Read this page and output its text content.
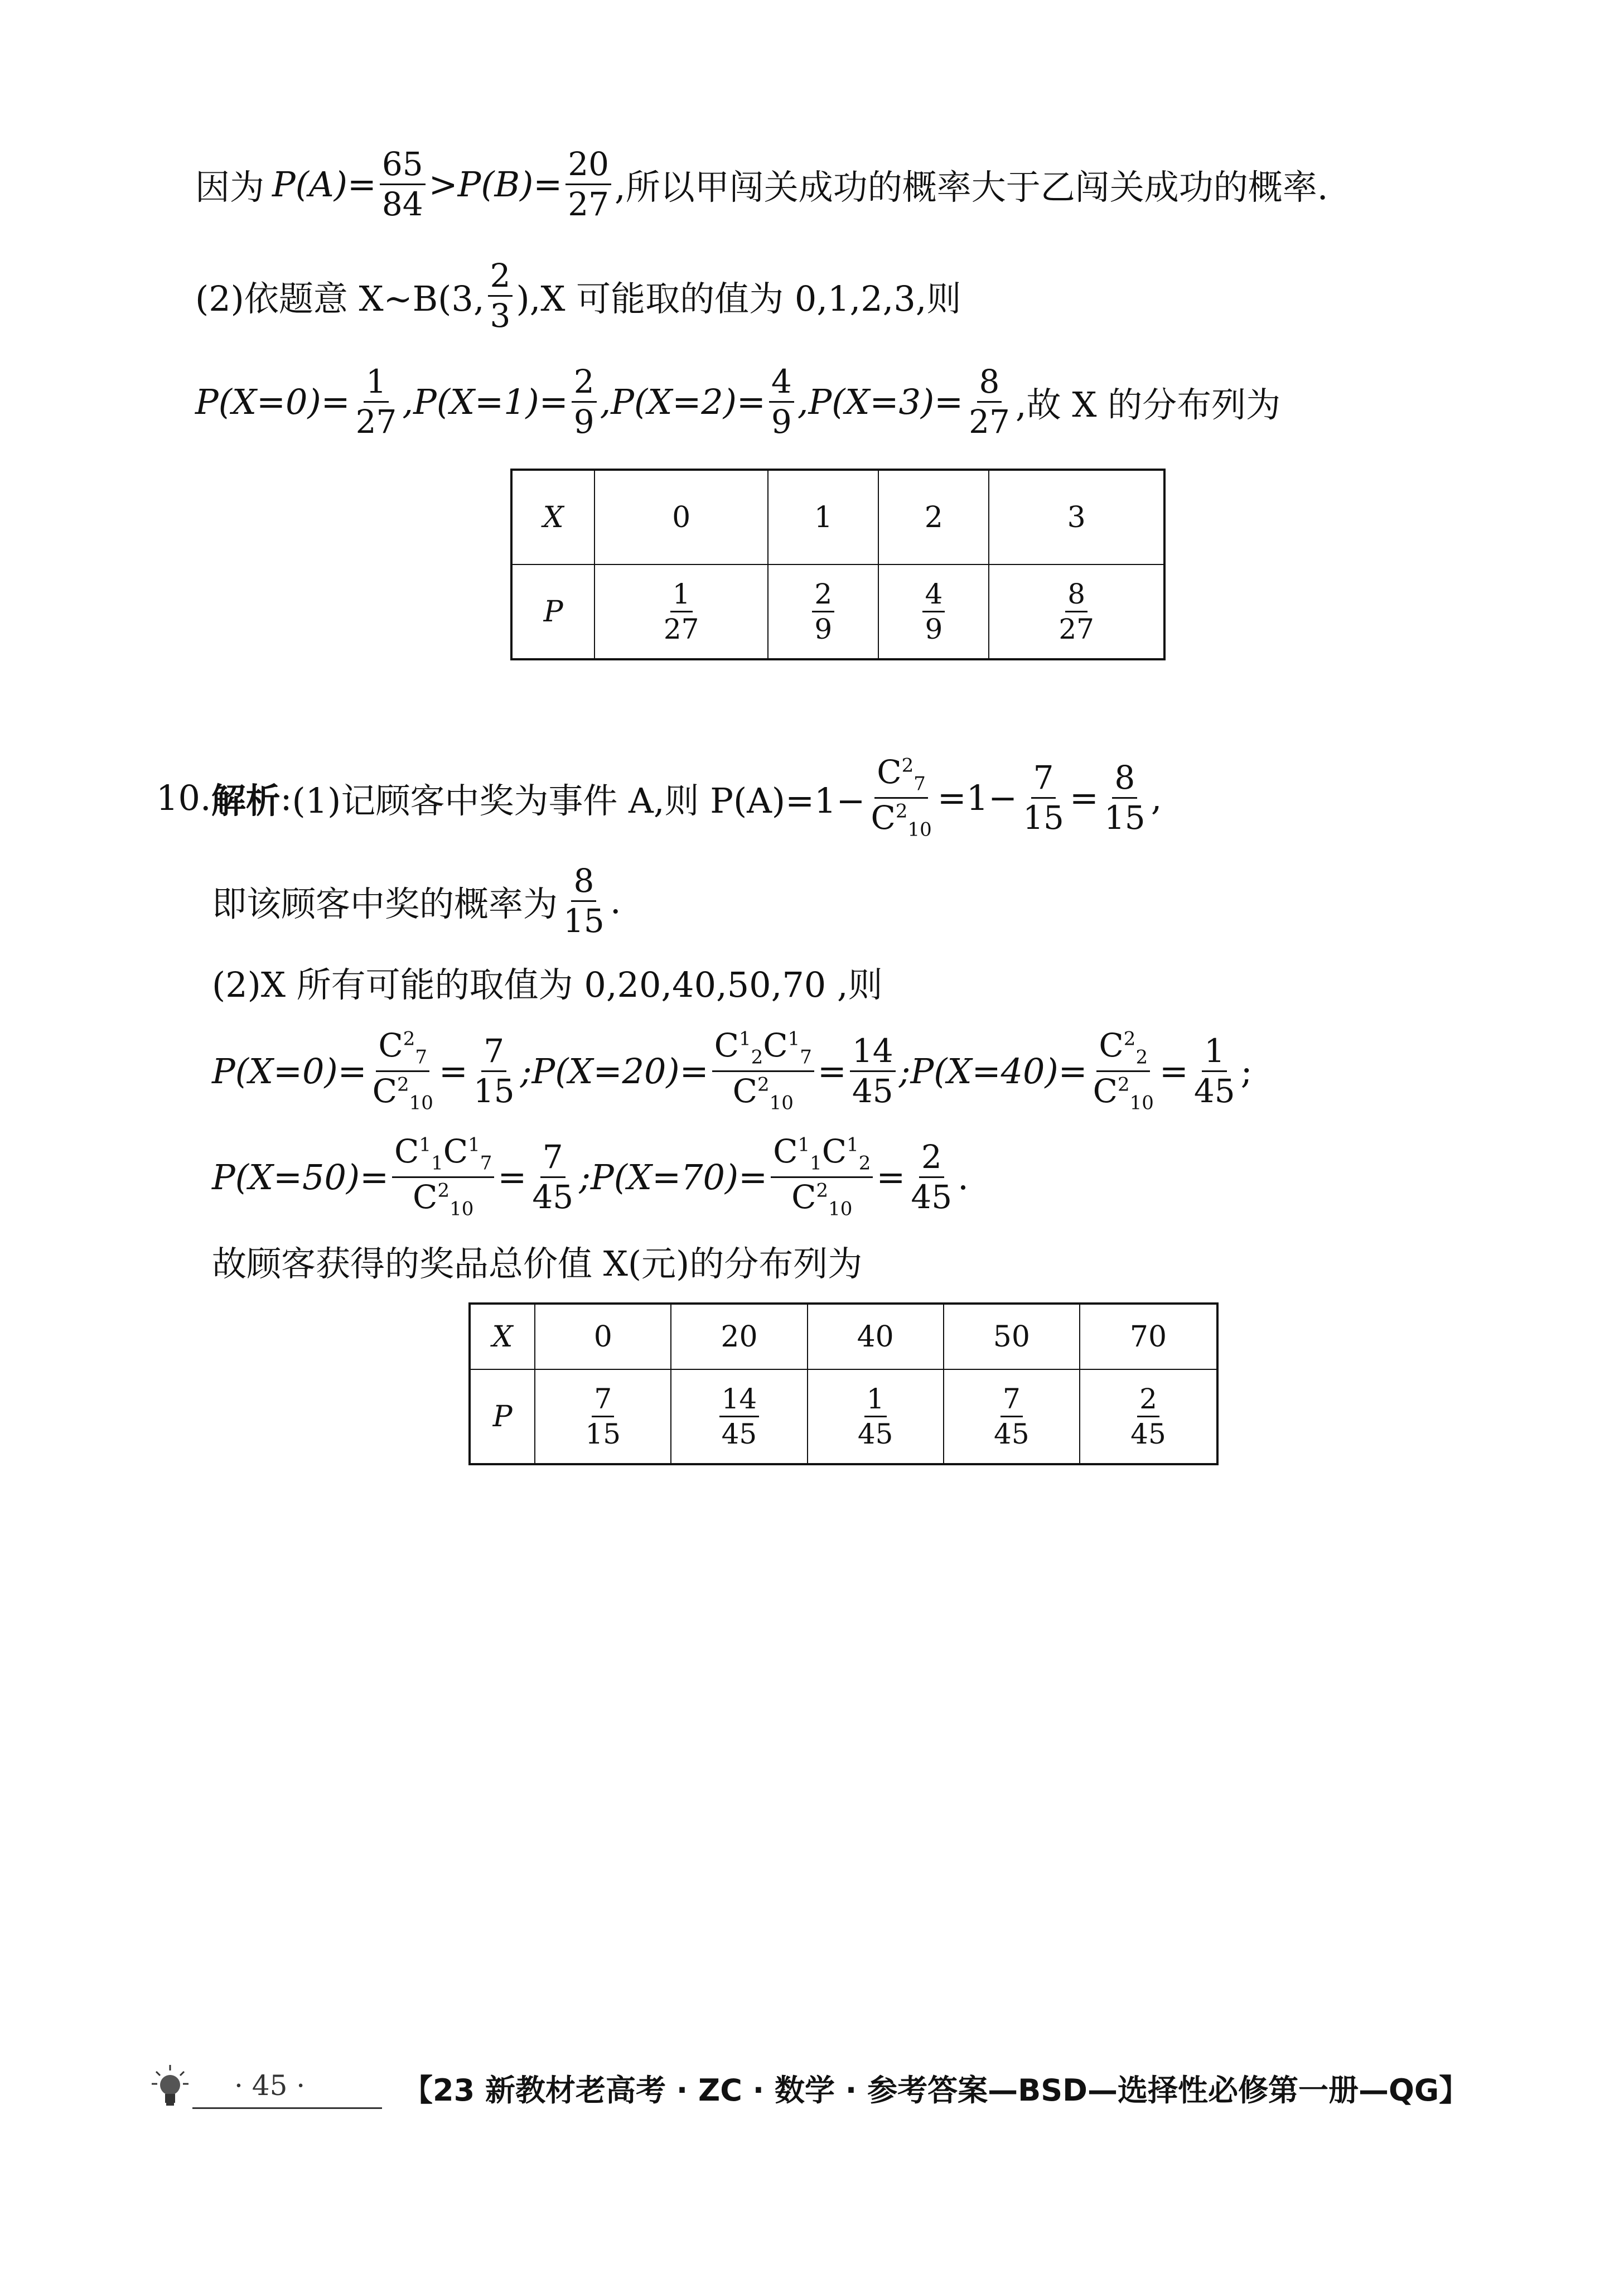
因为 $P(A)= \frac{65}{84} >P(B)= \frac{20}{27}$ ,所以甲闯关成功的概率大于乙闯关成功的概率.
(2)依题意 X∼B(3, $\frac{2}{3} ),X$ 可能取的值为 0,1,2,3,则
$P(X=0)= \frac{1}{27} ,P(X=1)= \frac{2}{9} ,P(X=2)= \frac{4}{9} ,P(X=3)= \frac{8}{27}$ ,故 X 的分布列为
X	0	1	2	3
P	$\frac{1}{27}$	$\frac{2}{9}$	$\frac{4}{9}$	$\frac{8}{27}$
10. 解析 : (1)记顾客中奖为事件 A,则 $P(A)=1- \frac{C^2_7}{C^2_{10}} =1- \frac{7}{15} = \frac{8}{15}$ ,
即该顾客中奖的概率为 $\frac{8}{15}$ .
(2)X 所有可能的取值为 0,20,40,50,70 ,则
$P(X=0)= \frac{C^2_7}{C^2_{10}} = \frac{7}{15}$ ;P(X=20)= $\frac{C^1_2C^1_7}{C^2_{10}} = \frac{14}{45}$ ;P(X=40)= $\frac{C^2_2}{C^2_{10}} = \frac{1}{45}$ ;
$P(X=50)= \frac{C^1_1C^1_7}{C^2_{10}} = \frac{7}{45}$ ;P(X=70)= $\frac{C^1_1C^1_2}{C^2_{10}} = \frac{2}{45}$ .
故顾客获得的奖品总价值 X(元)的分布列为
X	0	20	40	50	70
P	$\frac{7}{15}$	$\frac{14}{45}$	$\frac{1}{45}$	$\frac{7}{45}$	$\frac{2}{45}$
· 45 ·	【23 新教材老高考 · ZC · 数学 · 参考答案—BSD—选择性必修第一册—QG】
